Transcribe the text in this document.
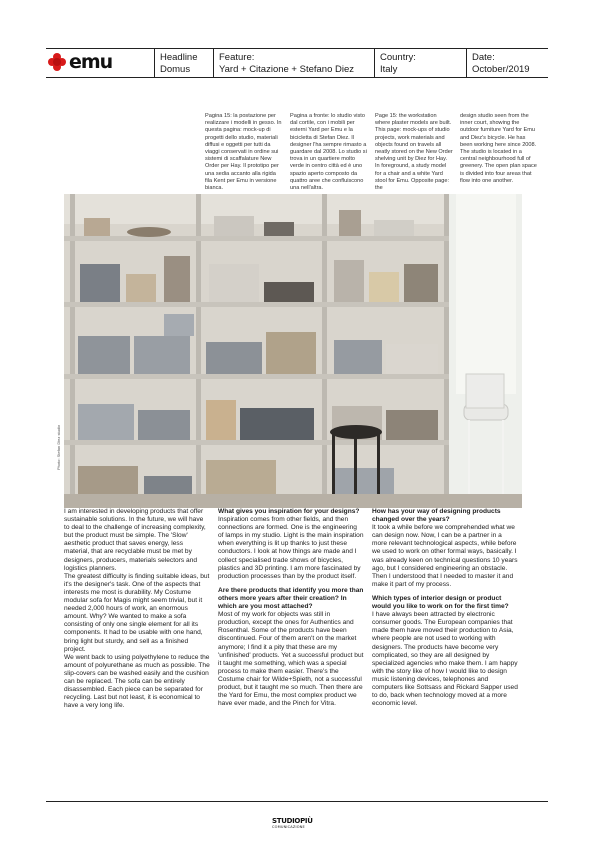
emu	Headline
Domus
Feature:
Yard + Citazione + Stefano Diez
Country:
Italy
Date:
October/2019
Pagina 15: la postazione per realizzare i modelli in gesso. In questa pagina: mock-up di progetti dello studio, materiali diffusi e oggetti per tutti da viaggi conservati in ordine sui sistemi di scaffalature New Order per Hay. Il prototipo per una sedia accanto alla rigida fila Kent per Emu in versione bianca.
Pagina a fronte: lo studio visto dal cortile, con i mobili per esterni Yard per Emu e la bicicletta di Stefan Diez. Il designer l'ha sempre rimasto a guardare dal 2008. Lo studio si trova in un quartiere molto verde in centro città ed è uno spazio aperto composto da quattro aree che confluiscono una nell'altra.
Page 15: the workstation where plaster models are built. This page: mock-ups of studio projects, work materials and objects found on travels all neatly stored on the New Order shelving unit by Diez for Hay. In foreground, a study model for a chair and a white Yard stool for Emu. Opposite page: the
design studio seen from the inner court, showing the outdoor furniture Yard for Emu and Diez's bicycle. He has been working here since 2008. The studio is located in a central neighbourhood full of greenery. The open plan space is divided into four areas that flow into one another.
Photo: Stefan Diez studio

I am interested in developing products that offer sustainable solutions. In the future, we will have to deal to the challenge of increasing complexity, but the product must be simple. The 'Slow' aesthetic product that saves energy, less material, that are recyclable must be met by designers, producers, materials selectors and logistics planners.

The greatest difficulty is finding suitable ideas, but it's the designer's task. One of the aspects that interests me most is durability. My Costume modular sofa for Magis might seem trivial, but it needed 2,000 hours of work, an enormous amount. Why? We wanted to make a sofa consisting of only one single element for all its components. It had to be usable with one hand, bring light but sturdy, and sell as a finished project.

We went back to using polyethylene to reduce the amount of polyurethane as much as possible. The slip-covers can be washed easily and the cushion can be replaced. The sofa can be entirely disassembled. Each piece can be separated for recycling. Last but not least, it is economical to have a very long life.

What gives you inspiration for your designs?

Inspiration comes from other fields, and then connections are formed. One is the engineering of lamps in my studio. Light is the main inspiration when everything is lit up thanks to just these conductors. I look at how things are made and I collect specialised trade shows of bicycles, plastics and 3D printing. I am more fascinated by production processes than by the product itself.

Are there products that identify you more than others more years after their creation? In which are you most attached?

Most of my work for objects was still in production, except the ones for Authentics and Rosenthal. Some of the products have been discontinued. Four of them aren't on the market anymore; I find it a pity that these are my 'unfinished' products. Yet a successful product but it taught me something, which was a special process to make them easier. There's the Costume chair for Wilde+Spieth, not a successful product, but it taught me so much. Then there are the Yard for Emu, the most complex product we have ever made, and the Pinch for Vitra.

How has your way of designing products changed over the years?

It took a while before we comprehended what we can design now. Now, I can be a partner in a more relevant technological aspects, while before we used to work on other formal ways, basically. I was already keen on technical questions 10 years ago, but I considered engineering an obstacle. Then I understood that I needed to master it and make it part of my process.

Which types of interior design or product would you like to work on for the first time?

I have always been attracted by electronic consumer goods. The European companies that made them have moved their production to Asia, where people are not used to working with designers. The products have become very complicated, so they are all designed by specialized agencies who make them. I am happy with the story like of how I would like to design music listening devices, telephones and computers like Sottsass and Rickard Sapper used to do, back when technology moved at a more economic level.

STUDIOPIÙ
COMUNICAZIONE
